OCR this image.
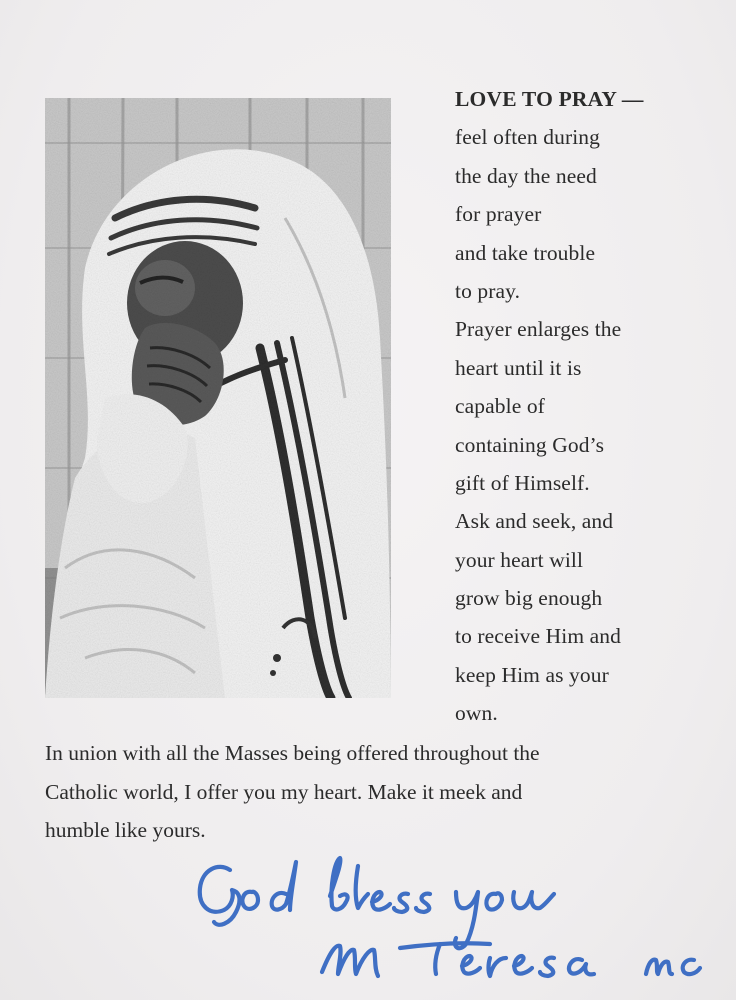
LOVE TO PRAY —
feel often during
the day the need
for prayer
and take trouble
to pray.
Prayer enlarges the
heart until it is
capable of
containing God’s
gift of Himself.
Ask and seek, and
your heart will
grow big enough
to receive Him and
keep Him as your
own.
In union with all the Masses being offered throughout the
Catholic world, I offer you my heart. Make it meek and
humble like yours.
